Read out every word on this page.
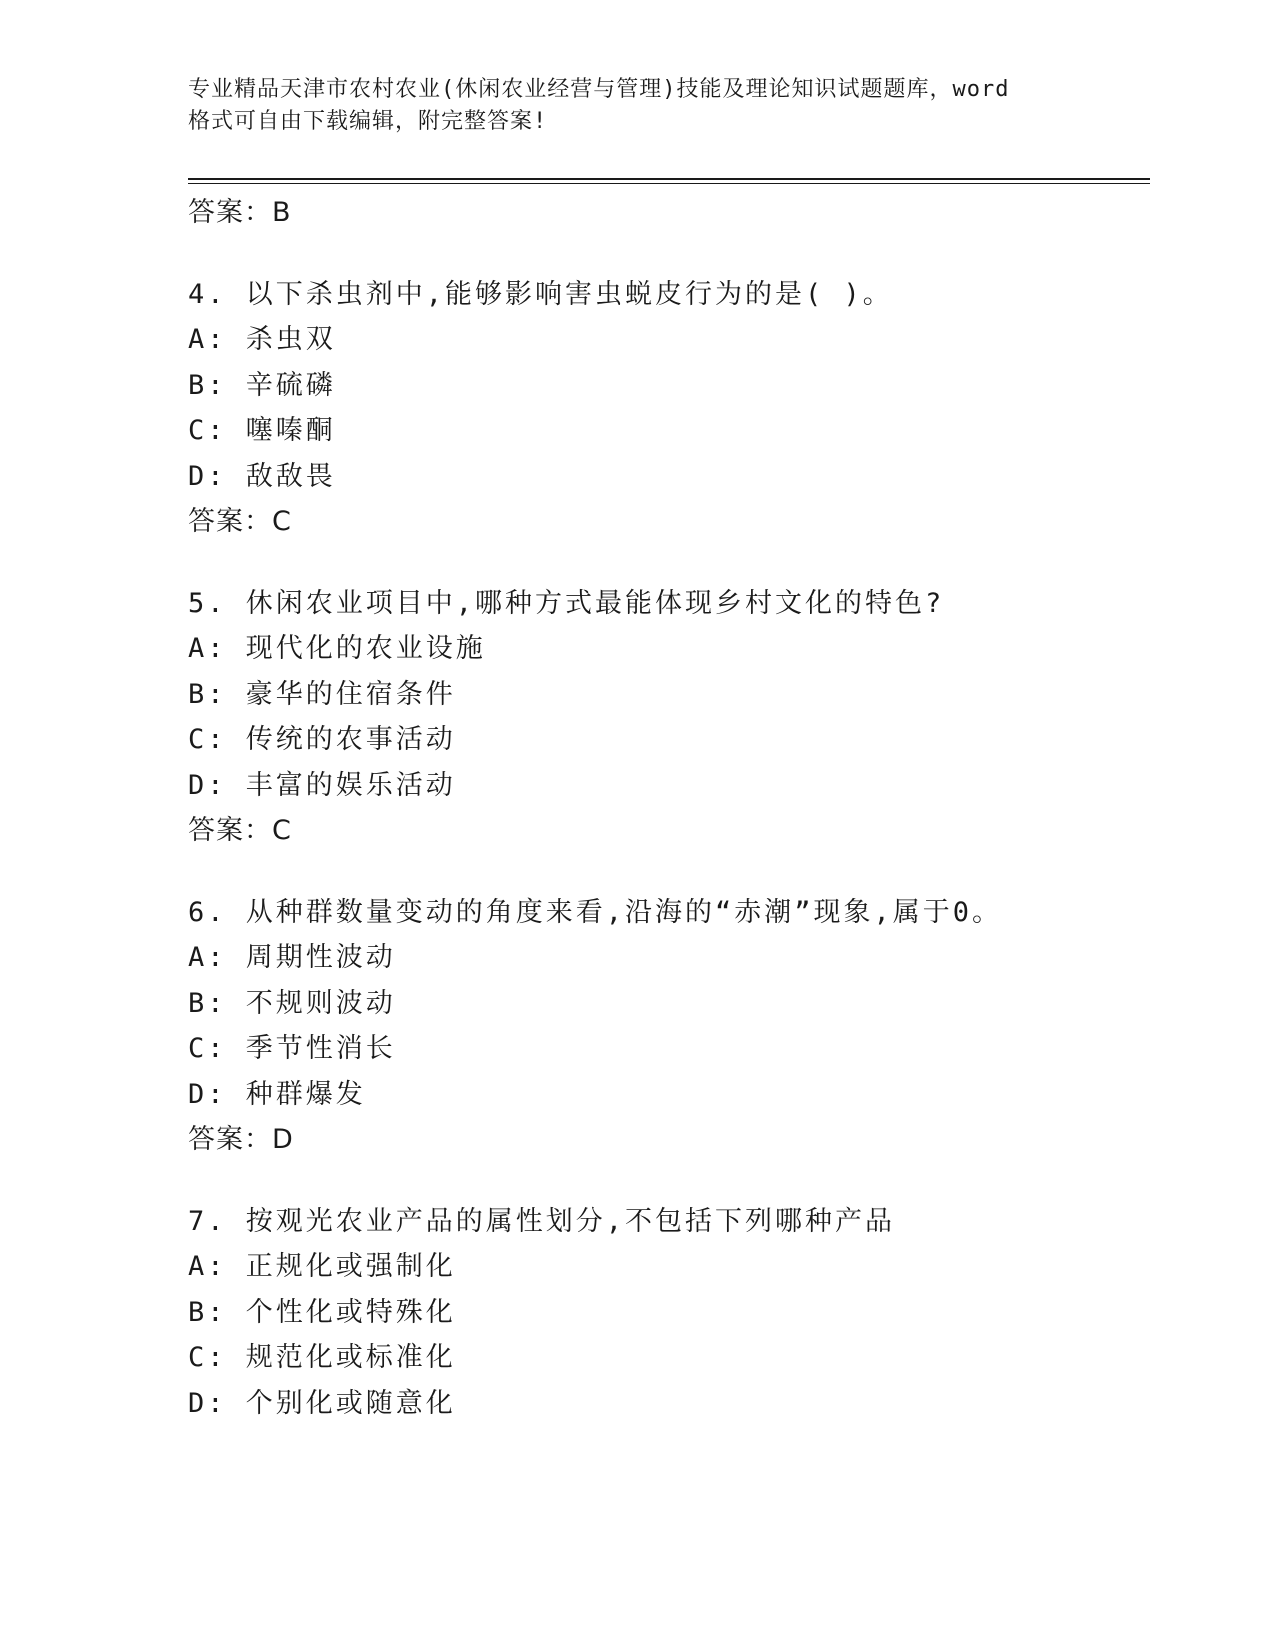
专业精品天津市农村农业(休闲农业经营与管理)技能及理论知识试题题库，word
格式可自由下载编辑，附完整答案!
答案：B
4. 以下杀虫剂中,能够影响害虫蜕皮行为的是( )。
A: 杀虫双
B: 辛硫磷
C: 噻嗪酮
D: 敌敌畏
答案：C
5. 休闲农业项目中,哪种方式最能体现乡村文化的特色?
A: 现代化的农业设施
B: 豪华的住宿条件
C: 传统的农事活动
D: 丰富的娱乐活动
答案：C
6. 从种群数量变动的角度来看,沿海的“赤潮”现象,属于0。
A: 周期性波动
B: 不规则波动
C: 季节性消长
D: 种群爆发
答案：D
7. 按观光农业产品的属性划分,不包括下列哪种产品
A: 正规化或强制化
B: 个性化或特殊化
C: 规范化或标准化
D: 个别化或随意化
